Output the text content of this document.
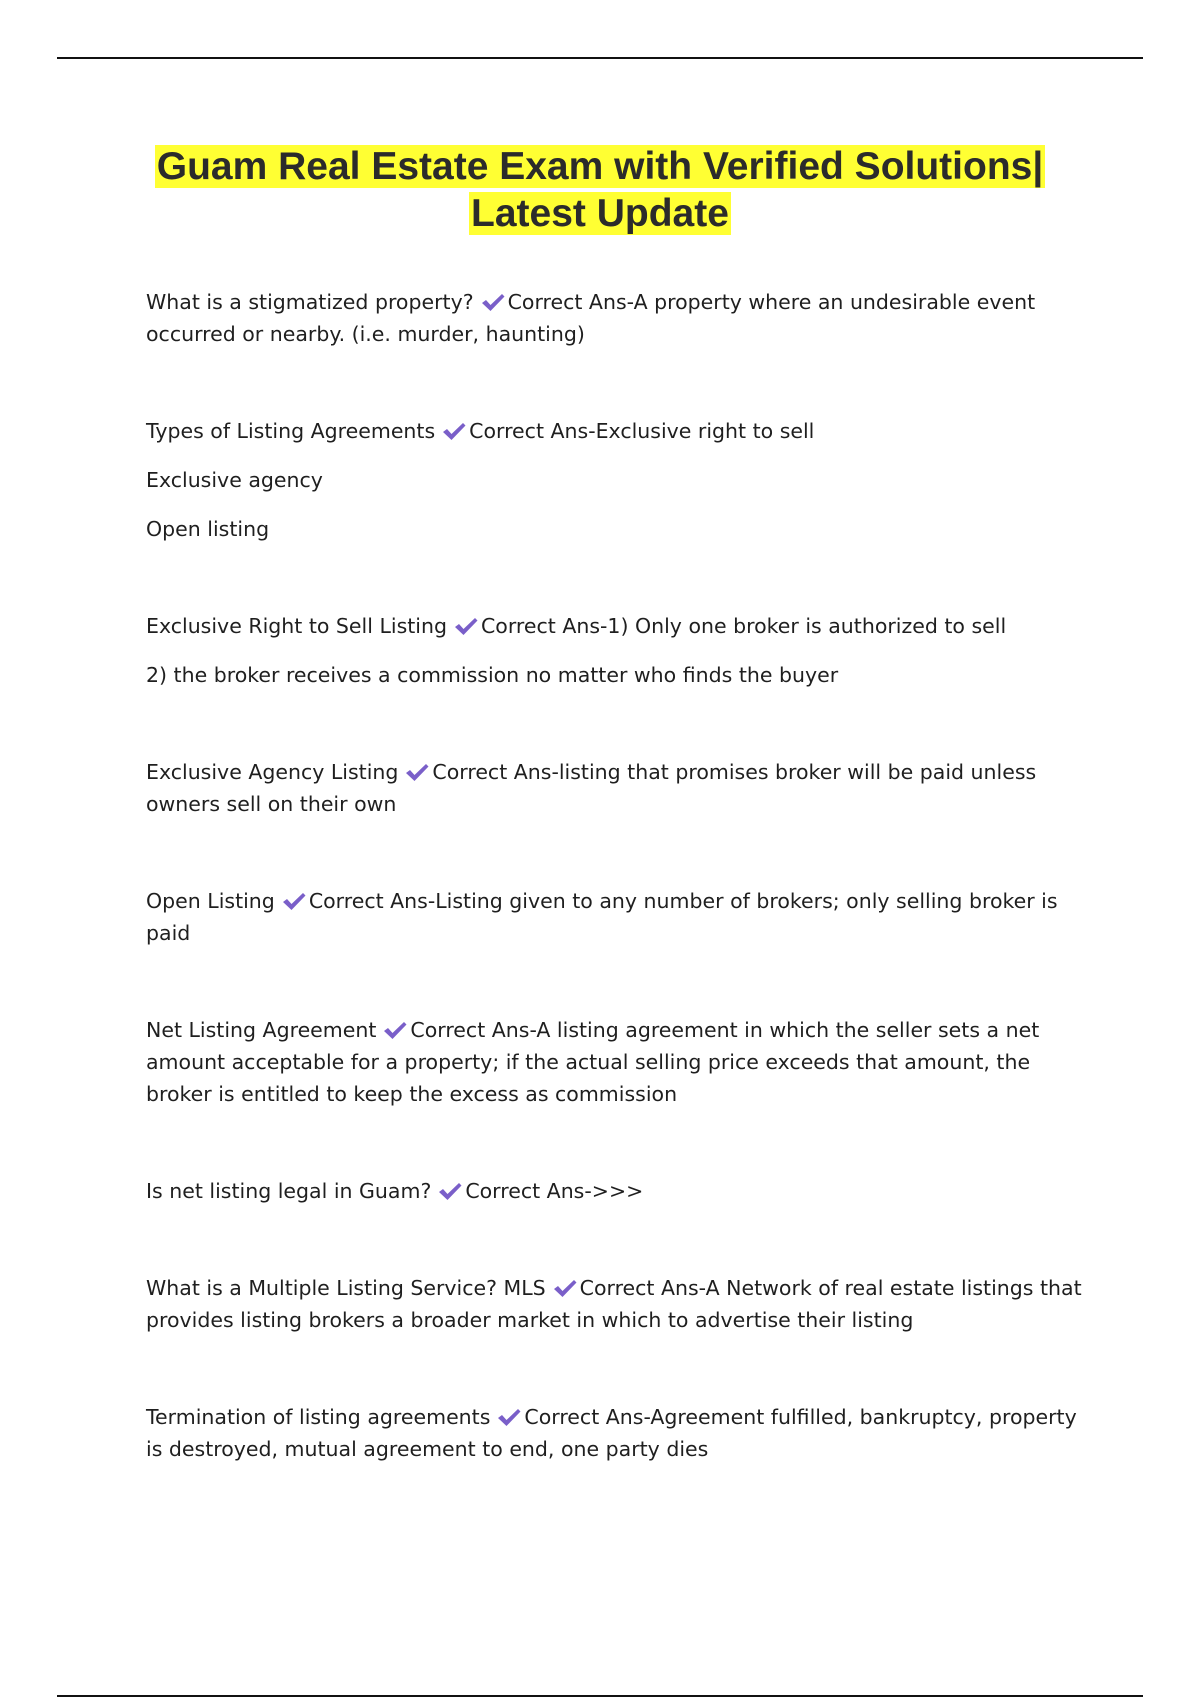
Guam Real Estate Exam with Verified Solutions|
Latest Update

What is a stigmatized property? Correct Ans-A property where an undesirable event occurred or nearby. (i.e. murder, haunting)

Types of Listing Agreements Correct Ans-Exclusive right to sell

Exclusive agency

Open listing

Exclusive Right to Sell Listing Correct Ans-1) Only one broker is authorized to sell

2) the broker receives a commission no matter who finds the buyer

Exclusive Agency Listing Correct Ans-listing that promises broker will be paid unless owners sell on their own

Open Listing Correct Ans-Listing given to any number of brokers; only selling broker is paid

Net Listing Agreement Correct Ans-A listing agreement in which the seller sets a net amount acceptable for a property; if the actual selling price exceeds that amount, the broker is entitled to keep the excess as commission

Is net listing legal in Guam? Correct Ans->>>

What is a Multiple Listing Service? MLS Correct Ans-A Network of real estate listings that provides listing brokers a broader market in which to advertise their listing

Termination of listing agreements Correct Ans-Agreement fulfilled, bankruptcy, property is destroyed, mutual agreement to end, one party dies
